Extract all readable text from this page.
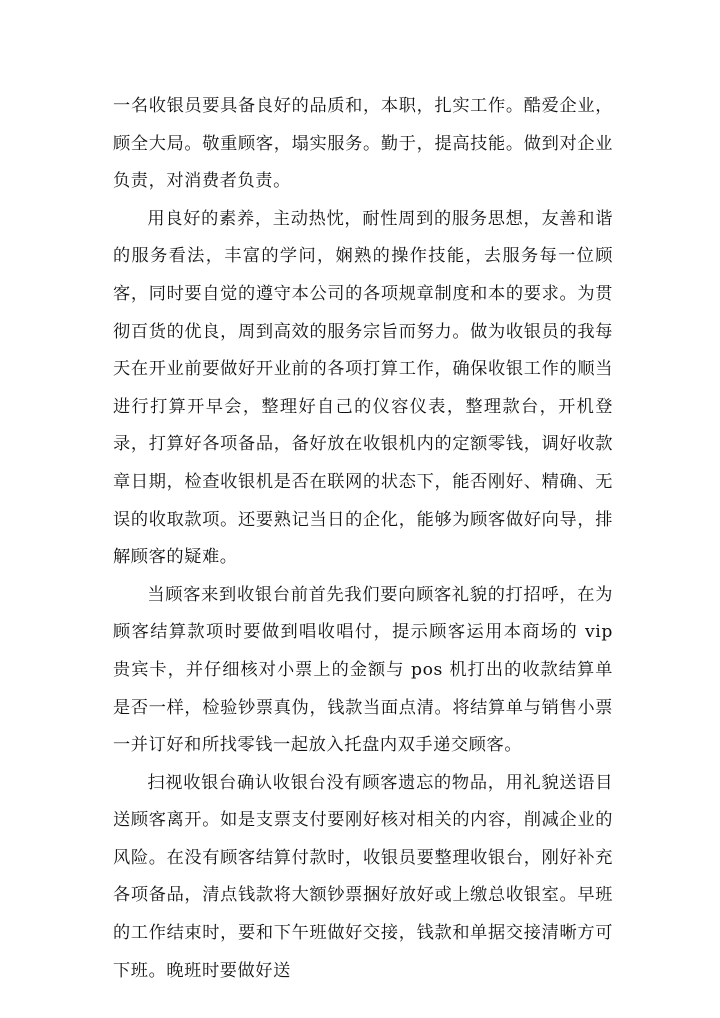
一名收银员要具备良好的品质和，本职，扎实工作。酷爱企业，顾全大局。敬重顾客，塌实服务。勤于，提高技能。做到对企业负责，对消费者负责。

用良好的素养，主动热忱，耐性周到的服务思想，友善和谐的服务看法，丰富的学问，娴熟的操作技能，去服务每一位顾客，同时要自觉的遵守本公司的各项规章制度和本的要求。为贯彻百货的优良，周到高效的服务宗旨而努力。做为收银员的我每天在开业前要做好开业前的各项打算工作，确保收银工作的顺当进行打算开早会，整理好自己的仪容仪表，整理款台，开机登录，打算好各项备品，备好放在收银机内的定额零钱，调好收款章日期，检查收银机是否在联网的状态下，能否刚好、精确、无误的收取款项。还要熟记当日的企化，能够为顾客做好向导，排解顾客的疑难。

当顾客来到收银台前首先我们要向顾客礼貌的打招呼，在为顾客结算款项时要做到唱收唱付，提示顾客运用本商场的 vip 贵宾卡，并仔细核对小票上的金额与 pos 机打出的收款结算单是否一样，检验钞票真伪，钱款当面点清。将结算单与销售小票一并订好和所找零钱一起放入托盘内双手递交顾客。

扫视收银台确认收银台没有顾客遗忘的物品，用礼貌送语目送顾客离开。如是支票支付要刚好核对相关的内容，削减企业的风险。在没有顾客结算付款时，收银员要整理收银台，刚好补充各项备品，清点钱款将大额钞票捆好放好或上缴总收银室。早班的工作结束时，要和下午班做好交接，钱款和单据交接清晰方可下班。晚班时要做好送
